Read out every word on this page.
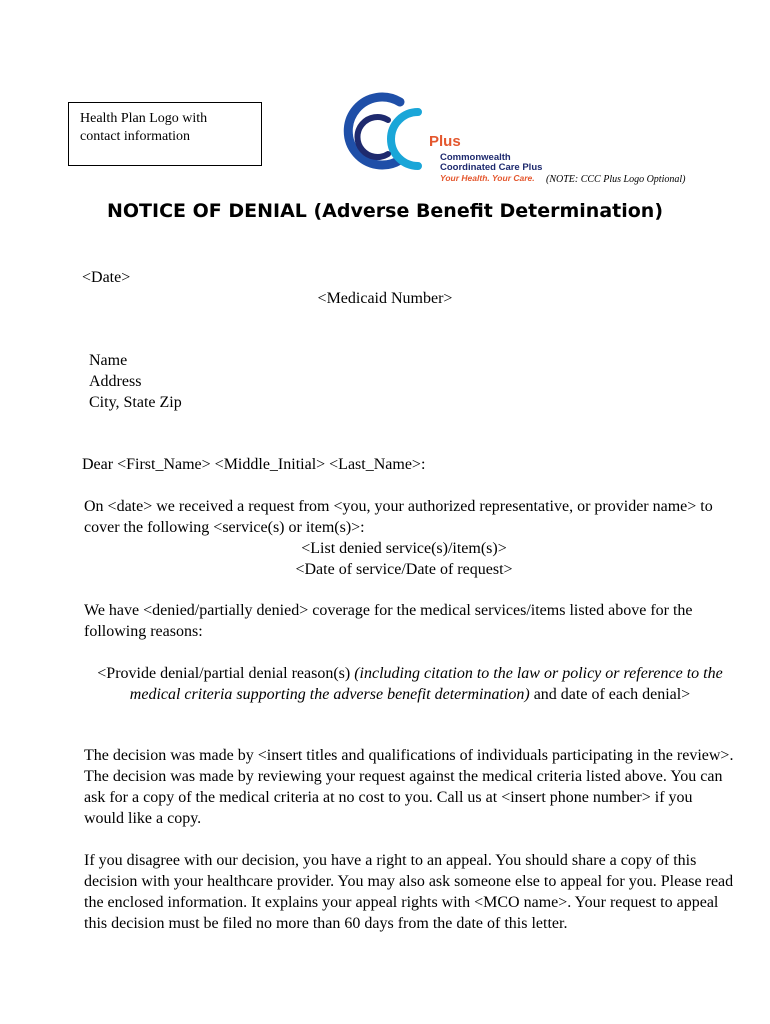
Health Plan Logo with
contact information	Plus
Commonwealth
Coordinated Care Plus
Your Health. Your Care. (NOTE: CCC Plus Logo Optional)
NOTICE OF DENIAL (Adverse Benefit Determination)
<Date>
<Medicaid Number>
Name
Address
City, State Zip
Dear <First_Name> <Middle_Initial> <Last_Name>:
On <date> we received a request from <you, your authorized representative, or provider name> to cover the following <service(s) or item(s)>:
<List denied service(s)/item(s)>
<Date of service/Date of request>
We have <denied/partially denied> coverage for the medical services/items listed above for the following reasons:
<Provide denial/partial denial reason(s) (including citation to the law or policy or reference to the medical criteria supporting the adverse benefit determination) and date of each denial>
The decision was made by <insert titles and qualifications of individuals participating in the review>. The decision was made by reviewing your request against the medical criteria listed above. You can ask for a copy of the medical criteria at no cost to you. Call us at <insert phone number> if you would like a copy.
If you disagree with our decision, you have a right to an appeal. You should share a copy of this decision with your healthcare provider. You may also ask someone else to appeal for you. Please read the enclosed information. It explains your appeal rights with <MCO name>. Your request to appeal this decision must be filed no more than 60 days from the date of this letter.
